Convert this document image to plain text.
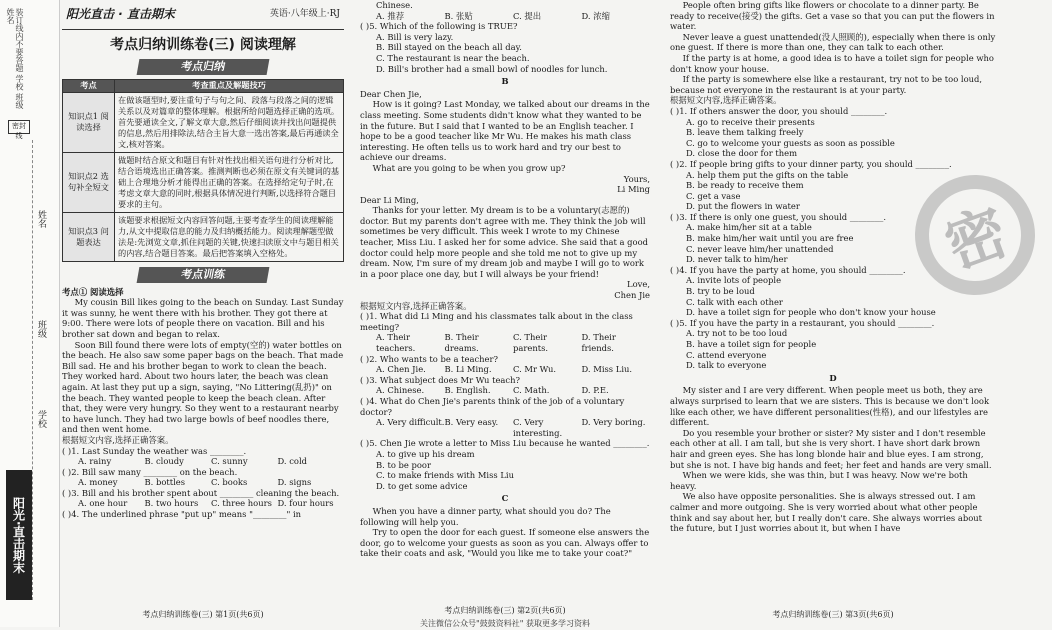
装订线内不要答题 学校 班级 姓名
密封线
学校
班级
姓名
阳光·直击期末
阳光直击 · 直击期末	英语·八年级上·RJ
考点归纳训练卷(三) 阅读理解
考点归纳
考点	考查重点及解题技巧
知识点1 阅读选择	在做该题型时,要注重句子与句之间、段落与段落之间的逻辑关系以及对篇章的整体理解。根据所给问题选择正确的选项。首先要通读全文,了解文章大意,然后仔细阅读并找出问题提供的信息,然后用排除法,结合主旨大意一选出答案,最后再通读全文,核对答案。
知识点2 选句补全短文	做题时结合原文和题目有针对性找出相关语句进行分析对比,结合语境选出正确答案。推测判断也必须在原文有关键词的基础上合理地分析才能得出正确的答案。在选择给定句子时,在考虑文章大意的同时,根据具体情况进行判断,以选择符合题目要求的主句。
知识点3 问题表达	该题要求根据短文内容回答问题,主要考查学生的阅读理解能力,从文中提取信息的能力及归纳概括能力。阅读理解题型做法是:先浏览文章,抓住问题的关键,快速扫读原文中与题目相关的内容,结合题目答案。最后把答案填入空格处。
考点训练
考点① 阅读选择

My cousin Bill likes going to the beach on Sunday. Last Sunday it was sunny, he went there with his brother. They got there at 9:00. There were lots of people there on vacation. Bill and his brother sat down and began to relax.

Soon Bill found there were lots of empty(空的) water bottles on the beach. He also saw some paper bags on the beach. That made Bill sad. He and his brother began to work to clean the beach. They worked hard. About two hours later, the beach was clean again. At last they put up a sign, saying, "No Littering(乱扔)" on the beach. They wanted people to keep the beach clean. After that, they were very hungry. So they went to a restaurant nearby to have lunch. They had two large bowls of beef noodles there, and then went home.

根据短文内容,选择正确答案。
( )1. Last Sunday the weather was ________.
A. rainy	B. cloudy	C. sunny	D. cold
( )2. Bill saw many ________ on the beach.
A. money	B. bottles	C. books	D. signs
( )3. Bill and his brother spent about ________ cleaning the beach.
A. one hour	B. two hours	C. three hours D. four hours
( )4. The underlined phrase "put up" means "________" in
考点归纳训练卷(三) 第1页(共6页)
Chinese.
A. 推荐	B. 张贴	C. 提出	D. 浓缩
( )5. Which of the following is TRUE?
A. Bill is very lazy.
B. Bill stayed on the beach all day.
C. The restaurant is near the beach.
D. Bill's brother had a small bowl of noodles for lunch.
B
Dear Chen Jie,

How is it going? Last Monday, we talked about our dreams in the class meeting. Some students didn't know what they wanted to be in the future. But I said that I wanted to be an English teacher. I hope to be a good teacher like Mr Wu. He makes his math class interesting. He often tells us to work hard and try our best to achieve our dreams.

What are you going to be when you grow up?

Yours,
Li Ming
Dear Li Ming,

Thanks for your letter. My dream is to be a voluntary(志愿的) doctor. But my parents don't agree with me. They think the job will sometimes be very difficult. This week I wrote to my Chinese teacher, Miss Liu. I asked her for some advice. She said that a good doctor could help more people and she told me not to give up my dream. Now, I'm sure of my dream job and maybe I will go to work in a poor place one day, but I will always be your friend!

Love,
Chen Jie
根据短文内容,选择正确答案。
( )1. What did Li Ming and his classmates talk about in the class meeting?
A. Their teachers.
B. Their dreams.
C. Their parents.
D. Their friends.
( )2. Who wants to be a teacher?
A. Chen Jie.	B. Li Ming.	C. Mr Wu.	D. Miss Liu.
( )3. What subject does Mr Wu teach?
A. Chinese.	B. English.	C. Math.	D. P.E.
( )4. What do Chen Jie's parents think of the job of a voluntary doctor?
A. Very difficult. B. Very easy.	C. Very interesting.
D. Very boring.
( )5. Chen Jie wrote a letter to Miss Liu because he wanted ________.
A. to give up his dream
B. to be poor
C. to make friends with Miss Liu
D. to get some advice
C

When you have a dinner party, what should you do? The following will help you.

Try to open the door for each guest. If someone else answers the door, go to welcome your guests as soon as you can. Always offer to take their coats and ask, "Would you like me to take your coat?"

考点归纳训练卷(三) 第2页(共6页)
关注微信公众号"鼓鼓资料社" 获取更多学习资料

People often bring gifts like flowers or chocolate to a dinner party. Be ready to receive(接受) the gifts. Get a vase so that you can put the flowers in water.

Never leave a guest unattended(没人照顾的), especially when there is only one guest. If there is more than one, they can talk to each other.

If the party is at home, a good idea is to have a toilet sign for people who don't know your house.

If the party is somewhere else like a restaurant, try not to be too loud, because not everyone in the restaurant is at your party.

根据短文内容,选择正确答案。
( )1. If others answer the door, you should ________.
A. go to receive their presents
B. leave them talking freely
C. go to welcome your guests as soon as possible
D. close the door for them
( )2. If people bring gifts to your dinner party, you should ________.
A. help them put the gifts on the table
B. be ready to receive them
C. get a vase
D. put the flowers in water
( )3. If there is only one guest, you should ________.
A. make him/her sit at a table
B. make him/her wait until you are free
C. never leave him/her unattended
D. never talk to him/her
( )4. If you have the party at home, you should ________.
A. invite lots of people
B. try to be loud
C. talk with each other
D. have a toilet sign for people who don't know your house
( )5. If you have the party in a restaurant, you should ________.
A. try not to be too loud
B. have a toilet sign for people
C. attend everyone
D. talk to everyone
D

My sister and I are very different. When people meet us both, they are always surprised to learn that we are sisters. This is because we don't look like each other, we have different personalities(性格), and our lifestyles are different.

Do you resemble your brother or sister? My sister and I don't resemble each other at all. I am tall, but she is very short. I have short dark brown hair and green eyes. She has long blonde hair and blue eyes. I am strong, but she is not. I have big hands and feet; her feet and hands are very small.

When we were kids, she was thin, but I was heavy. Now we're both heavy.

We also have opposite personalities. She is always stressed out. I am calmer and more outgoing. She is very worried about what other people think and say about her, but I really don't care. She always worries about the future, but I just worries about it, but when I have

考点归纳训练卷(三) 第3页(共6页)
密
